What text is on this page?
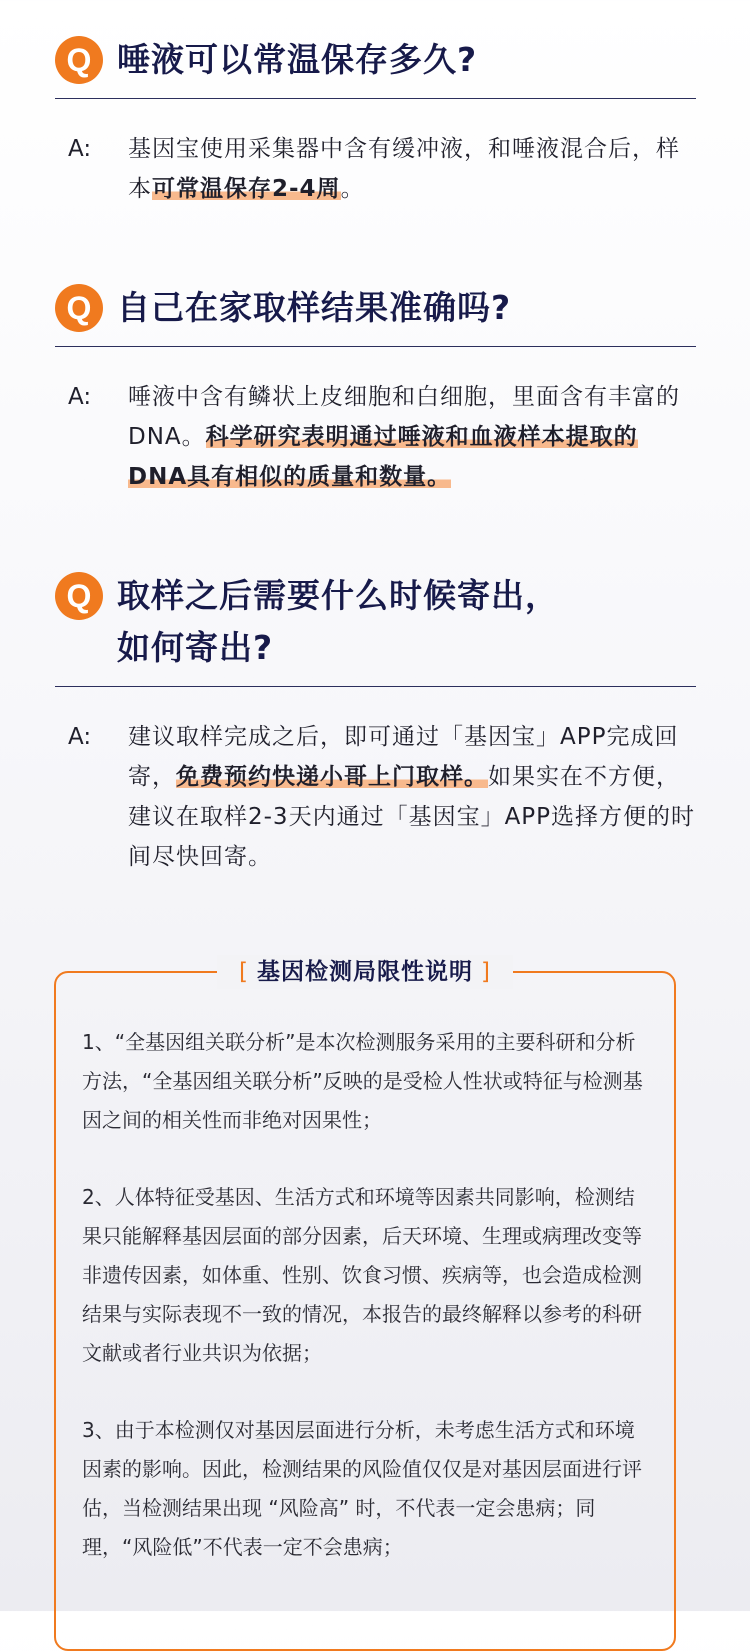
Q 唾液可以常温保存多久?
A:	基因宝使用采集器中含有缓冲液，和唾液混合后，样本可常温保存2-4周。
Q 自己在家取样结果准确吗?
A:	唾液中含有鳞状上皮细胞和白细胞，里面含有丰富的DNA。科学研究表明通过唾液和血液样本提取的DNA具有相似的质量和数量。
Q 取样之后需要什么时候寄出，
如何寄出?
A:	建议取样完成之后，即可通过「基因宝」APP完成回寄，免费预约快递小哥上门取样。如果实在不方便，建议在取样2-3天内通过「基因宝」APP选择方便的时间尽快回寄。
[ 基因检测局限性说明 ]
1、“全基因组关联分析”是本次检测服务采用的主要科研和分析方法，“全基因组关联分析”反映的是受检人性状或特征与检测基因之间的相关性而非绝对因果性；
2、人体特征受基因、生活方式和环境等因素共同影响，检测结果只能解释基因层面的部分因素，后天环境、生理或病理改变等非遗传因素，如体重、性别、饮食习惯、疾病等，也会造成检测结果与实际表现不一致的情况，本报告的最终解释以参考的科研文献或者行业共识为依据；
3、由于本检测仅对基因层面进行分析，未考虑生活方式和环境因素的影响。因此，检测结果的风险值仅仅是对基因层面进行评估，当检测结果出现 “风险高” 时，不代表一定会患病；同理，“风险低”不代表一定不会患病；
